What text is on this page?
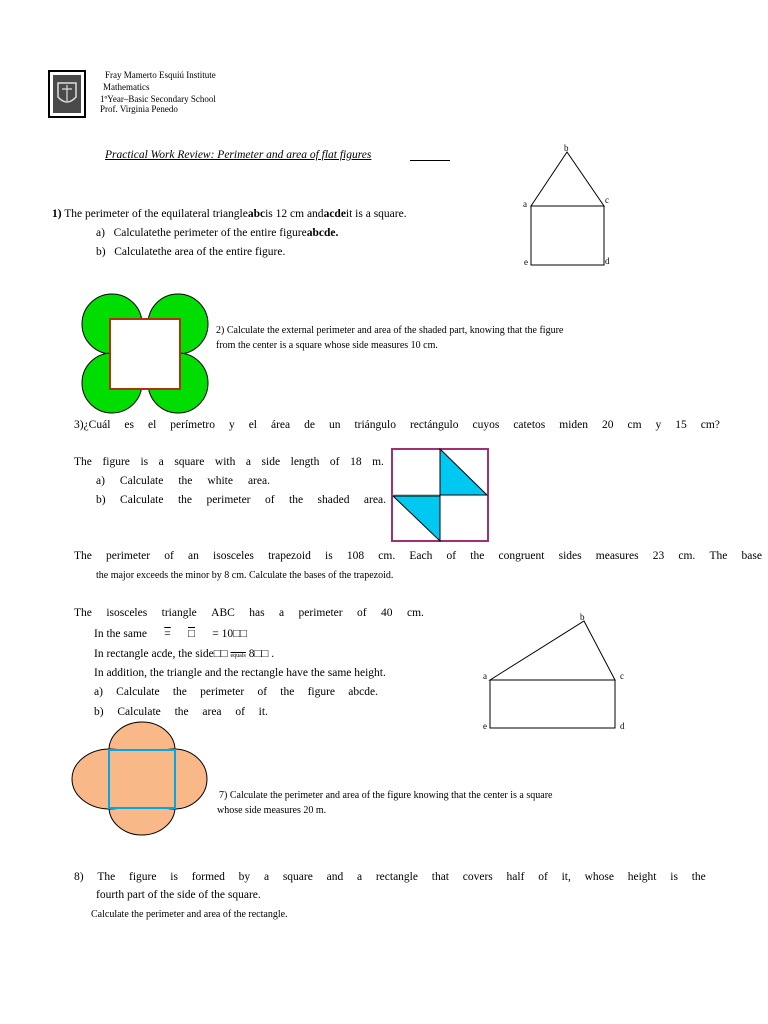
Fray Mamerto Esquiú Institute
Mathematics
1ºYear–Basic Secondary School
Prof. Virginia Penedo
Practical Work Review: Perimeter and area of flat figures
1) The perimeter of the equilateral triangleabcis 12 cm andacdeit is a square.
a) Calculatethe perimeter of the entire figureabcde.
b) Calculatethe area of the entire figure.
b
a	c
e	d
2) Calculate the external perimeter and area of the shaded part, knowing that the figure
from the center is a square whose side measures 10 cm.
3)¿Cuál es el perímetro y el área de un triángulo rectángulo cuyos catetos miden 20 cm y 15 cm?
The figure is a square with a side length of 18 m.
a) Calculate the white area.
b) Calculate the perimeter of the shaded area.
The perimeter of an isosceles trapezoid is 108 cm. Each of the congruent sides measures 23 cm. The base
the major exceeds the minor by 8 cm. Calculate the bases of the trapezoid.
The isosceles triangle ABC has a perimeter of 40 cm.
In the same = □ = 10□□
In rectangle acde, the side□□ equals 8□□ .
In addition, the triangle and the rectangle have the same height.
a) Calculate the perimeter of the figure abcde.
b) Calculate the area of it.
b
a	c
e	d
7) Calculate the perimeter and area of the figure knowing that the center is a square
whose side measures 20 m.
8) The figure is formed by a square and a rectangle that covers half of it, whose height is the
fourth part of the side of the square.
Calculate the perimeter and area of the rectangle.
